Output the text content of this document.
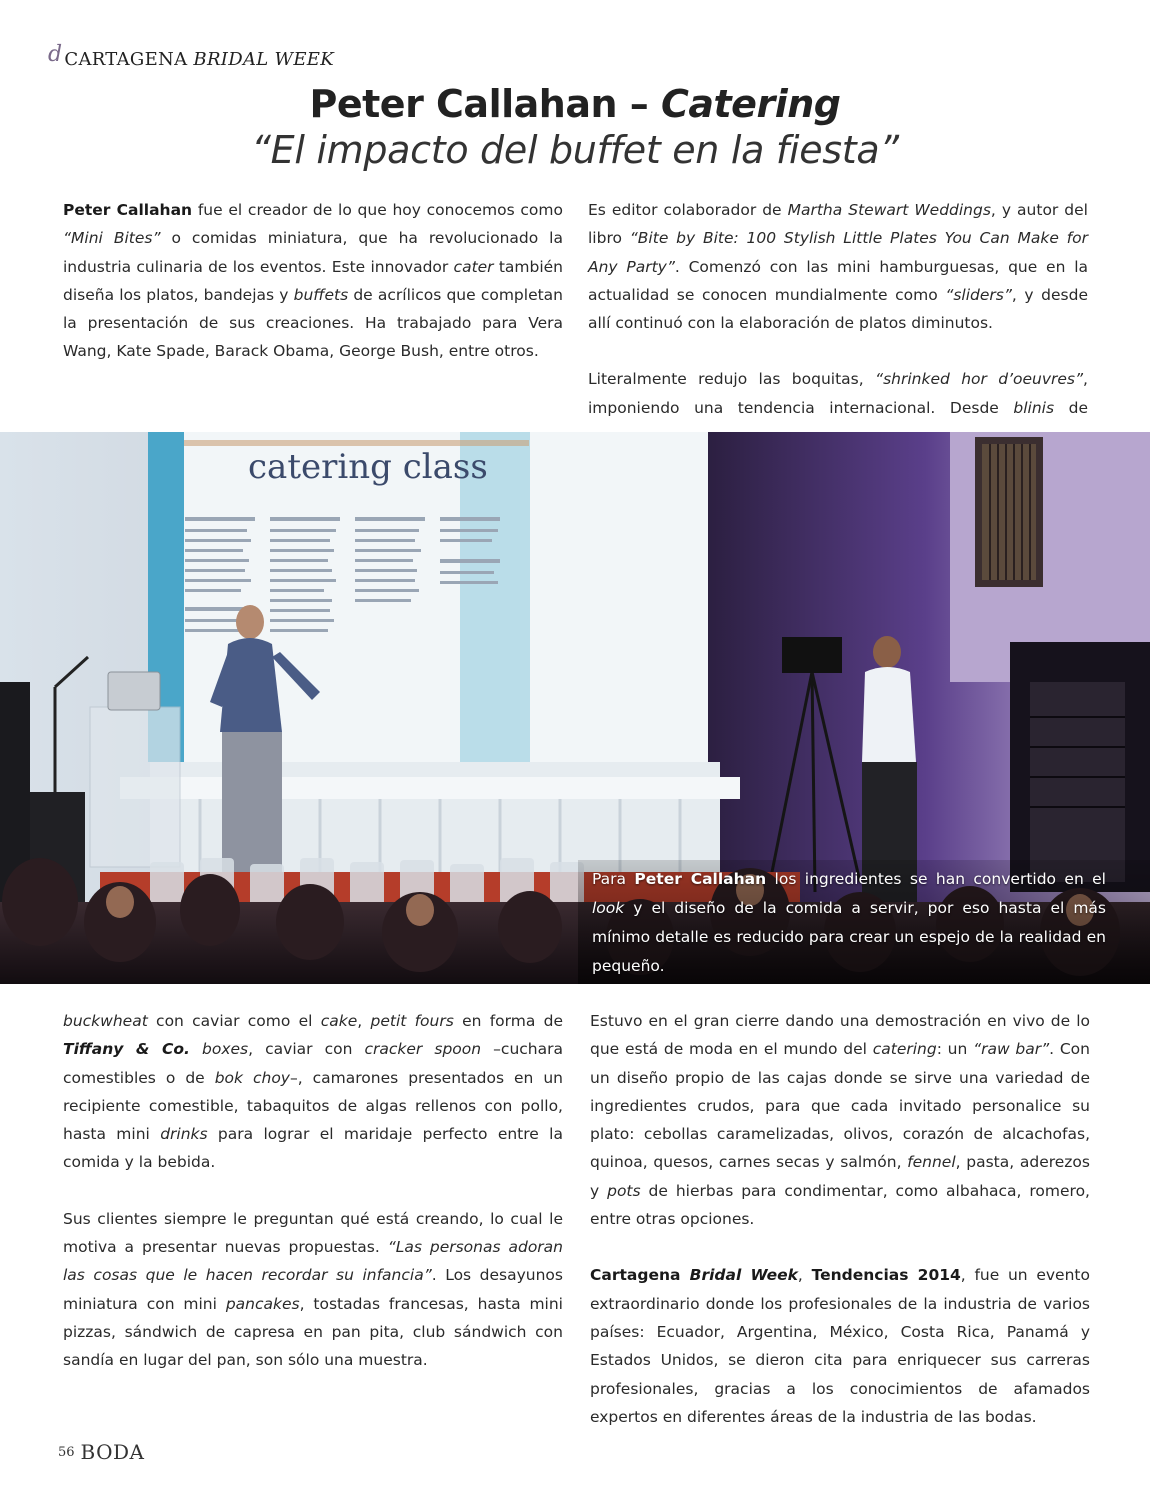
d CARTAGENA BRIDAL WEEK
Peter Callahan – Catering
“El impacto del buffet en la fiesta”

Peter Callahan fue el creador de lo que hoy conocemos como “Mini Bites” o comidas miniatura, que ha revolucionado la industria culinaria de los eventos. Este innovador cater también diseña los platos, bandejas y buffets de acrílicos que completan la presentación de sus creaciones. Ha trabajado para Vera Wang, Kate Spade, Barack Obama, George Bush, entre otros.

Es editor colaborador de Martha Stewart Weddings, y autor del libro “Bite by Bite: 100 Stylish Little Plates You Can Make for Any Party”. Comenzó con las mini hamburguesas, que en la actualidad se conocen mundialmente como “sliders”, y desde allí continuó con la elaboración de platos diminutos.

Literalmente redujo las boquitas, “shrinked hor d’oeuvres”, imponiendo una tendencia internacional. Desde blinis de

catering class
Para Peter Callahan los ingredientes se han convertido en el look y el diseño de la comida a servir, por eso hasta el más mínimo detalle es reducido para crear un espejo de la realidad en pequeño.

buckwheat con caviar como el cake, petit fours en forma de Tiffany & Co. boxes, caviar con cracker spoon –cuchara comestibles o de bok choy–, camarones presentados en un recipiente comestible, tabaquitos de algas rellenos con pollo, hasta mini drinks para lograr el maridaje perfecto entre la comida y la bebida.

Sus clientes siempre le preguntan qué está creando, lo cual le motiva a presentar nuevas propuestas. “Las personas adoran las cosas que le hacen recordar su infancia”. Los desayunos miniatura con mini pancakes, tostadas francesas, hasta mini pizzas, sándwich de capresa en pan pita, club sándwich con sandía en lugar del pan, son sólo una muestra.

Estuvo en el gran cierre dando una demostración en vivo de lo que está de moda en el mundo del catering: un “raw bar”. Con un diseño propio de las cajas donde se sirve una variedad de ingredientes crudos, para que cada invitado personalice su plato: cebollas caramelizadas, olivos, corazón de alcachofas, quinoa, quesos, carnes secas y salmón, fennel, pasta, aderezos y pots de hierbas para condimentar, como albahaca, romero, entre otras opciones.

Cartagena Bridal Week, Tendencias 2014, fue un evento extraordinario donde los profesionales de la industria de varios países: Ecuador, Argentina, México, Costa Rica, Panamá y Estados Unidos, se dieron cita para enriquecer sus carreras profesionales, gracias a los conocimientos de afamados expertos en diferentes áreas de la industria de las bodas.

56 BODA
